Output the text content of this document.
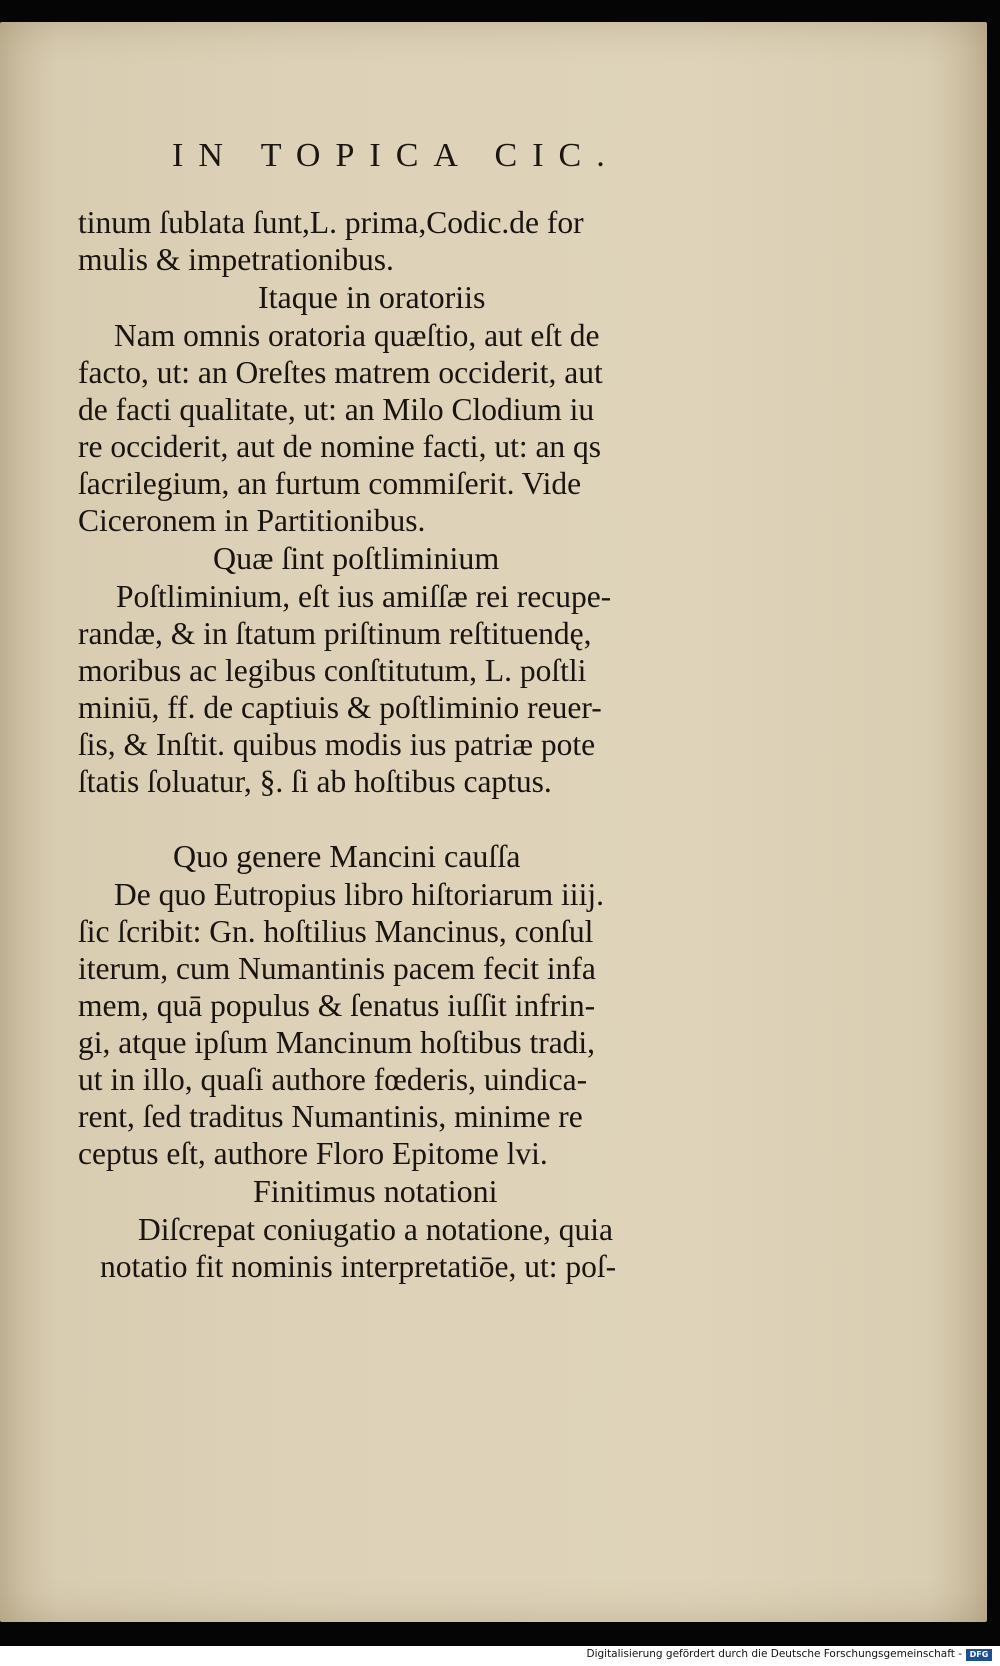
IN TOPICA CIC.
tinum ſublata ſunt,L. prima,Codic.de for
mulis & impetrationibus.
Itaque in oratoriis
Nam omnis oratoria quæſtio, aut eſt de
facto, ut: an Oreſtes matrem occiderit, aut
de facti qualitate, ut: an Milo Clodium iu
re occiderit, aut de nomine facti, ut: an qs
ſacrilegium, an furtum commiſerit. Vide
Ciceronem in Partitionibus.
Quæ ſint poſtliminium
Poſtliminium, eſt ius amiſſæ rei recupe-
randæ, & in ſtatum priſtinum reſtituendę,
moribus ac legibus conſtitutum, L. poſtli
miniū, ff. de captiuis & poſtliminio reuer-
ſis, & Inſtit. quibus modis ius patriæ pote
ſtatis ſoluatur, §. ſi ab hoſtibus captus.
Quo genere Mancini cauſſa
De quo Eutropius libro hiſtoriarum iiij.
ſic ſcribit: Gn. hoſtilius Mancinus, conſul
iterum, cum Numantinis pacem fecit infa
mem, quā populus & ſenatus iuſſit infrin-
gi, atque ipſum Mancinum hoſtibus tradi,
ut in illo, quaſi authore fœderis, uindica-
rent, ſed traditus Numantinis, minime re
ceptus eſt, authore Floro Epitome lvi.
Finitimus notationi
Diſcrepat coniugatio a notatione, quia
notatio fit nominis interpretatiōe, ut: poſ-
Digitalisierung gefördert durch die Deutsche Forschungsgemeinschaft - DFG
